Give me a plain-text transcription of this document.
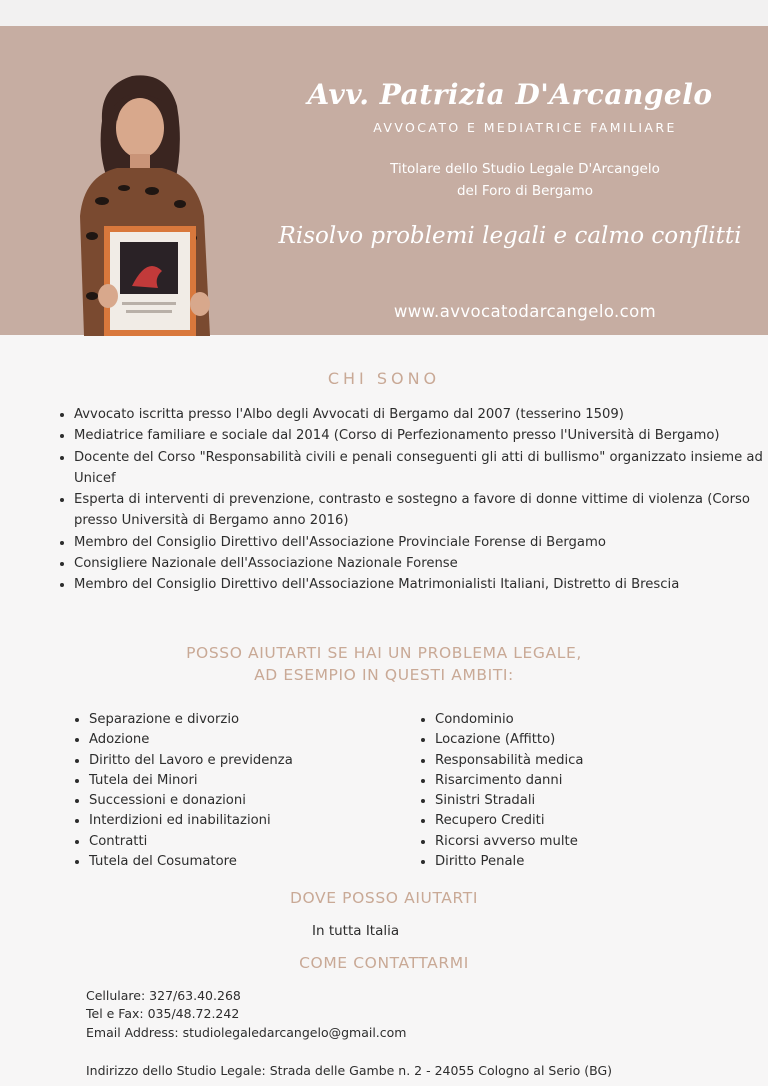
Avv. Patrizia D'Arcangelo
AVVOCATO E MEDIATRICE FAMILIARE
Titolare dello Studio Legale D'Arcangelo
del Foro di Bergamo
Risolvo problemi legali e calmo conflitti
www.avvocatodarcangelo.com
CHI SONO
• Avvocato iscritta presso l'Albo degli Avvocati di Bergamo dal 2007 (tesserino 1509)
• Mediatrice familiare e sociale dal 2014 (Corso di Perfezionamento presso l'Università di Bergamo)
• Docente del Corso "Responsabilità civili e penali conseguenti gli atti di bullismo" organizzato insieme ad Unicef
• Esperta di interventi di prevenzione, contrasto e sostegno a favore di donne vittime di violenza (Corso presso Università di Bergamo anno 2016)
• Membro del Consiglio Direttivo dell'Associazione Provinciale Forense di Bergamo
• Consigliere Nazionale dell'Associazione Nazionale Forense
• Membro del Consiglio Direttivo dell'Associazione Matrimonialisti Italiani, Distretto di Brescia
POSSO AIUTARTI SE HAI UN PROBLEMA LEGALE,
AD ESEMPIO IN QUESTI AMBITI:
• Separazione e divorzio
• Adozione
• Diritto del Lavoro e previdenza
• Tutela dei Minori
• Successioni e donazioni
• Interdizioni ed inabilitazioni
• Contratti
• Tutela del Cosumatore
• Condominio
• Locazione (Affitto)
• Responsabilità medica
• Risarcimento danni
• Sinistri Stradali
• Recupero Crediti
• Ricorsi avverso multe
• Diritto Penale
DOVE POSSO AIUTARTI
In tutta Italia
COME CONTATTARMI
Cellulare: 327/63.40.268
Tel e Fax: 035/48.72.242
Email Address: studiolegaledarcangelo@gmail.com
Indirizzo dello Studio Legale: Strada delle Gambe n. 2 - 24055 Cologno al Serio (BG)
